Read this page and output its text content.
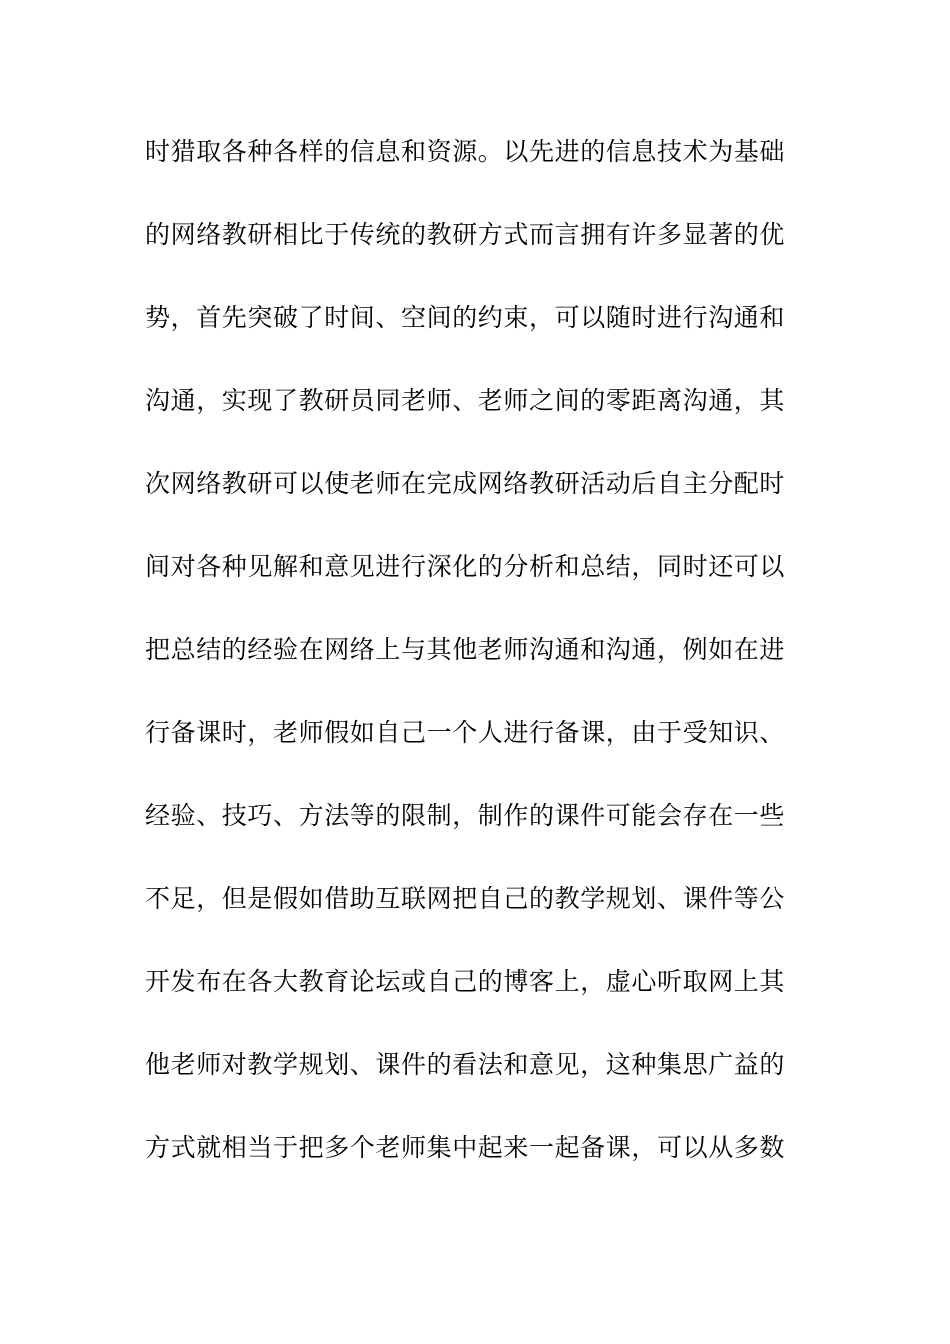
时猎取各种各样的信息和资源。以先进的信息技术为基础
的网络教研相比于传统的教研方式而言拥有许多显著的优
势，首先突破了时间、空间的约束，可以随时进行沟通和
沟通，实现了教研员同老师、老师之间的零距离沟通，其
次网络教研可以使老师在完成网络教研活动后自主分配时
间对各种见解和意见进行深化的分析和总结，同时还可以
把总结的经验在网络上与其他老师沟通和沟通，例如在进
行备课时，老师假如自己一个人进行备课，由于受知识、
经验、技巧、方法等的限制，制作的课件可能会存在一些
不足，但是假如借助互联网把自己的教学规划、课件等公
开发布在各大教育论坛或自己的博客上，虚心听取网上其
他老师对教学规划、课件的看法和意见，这种集思广益的
方式就相当于把多个老师集中起来一起备课，可以从多数
